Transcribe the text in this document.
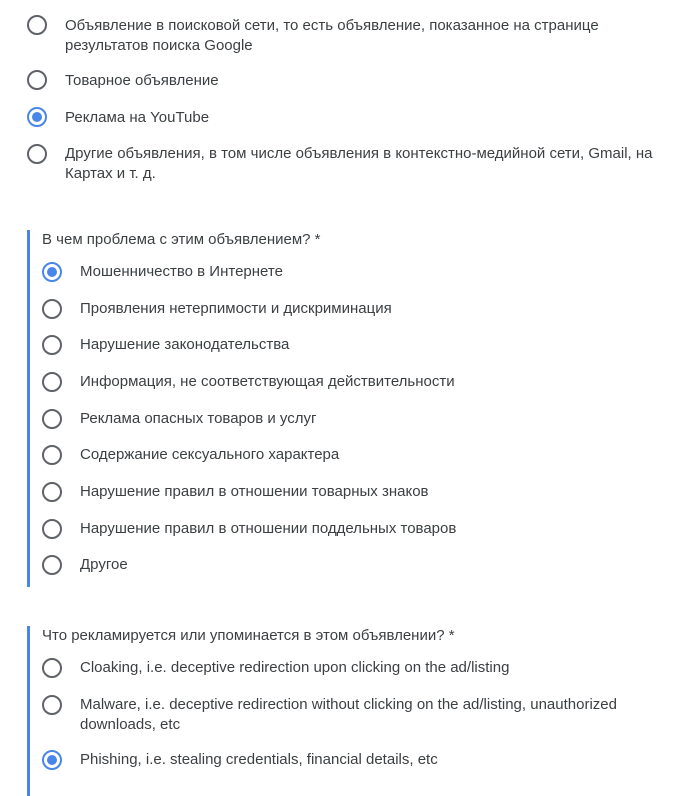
Объявление в поисковой сети, то есть объявление, показанное на странице результатов поиска Google
Товарное объявление
Реклама на YouTube
Другие объявления, в том числе объявления в контекстно-медийной сети, Gmail, на Картах и т. д.
В чем проблема с этим объявлением? *
Мошенничество в Интернете
Проявления нетерпимости и дискриминация
Нарушение законодательства
Информация, не соответствующая действительности
Реклама опасных товаров и услуг
Содержание сексуального характера
Нарушение правил в отношении товарных знаков
Нарушение правил в отношении поддельных товаров
Другое
Что рекламируется или упоминается в этом объявлении? *
Cloaking, i.e. deceptive redirection upon clicking on the ad/listing
Malware, i.e. deceptive redirection without clicking on the ad/listing, unauthorized downloads, etc
Phishing, i.e. stealing credentials, financial details, etc
